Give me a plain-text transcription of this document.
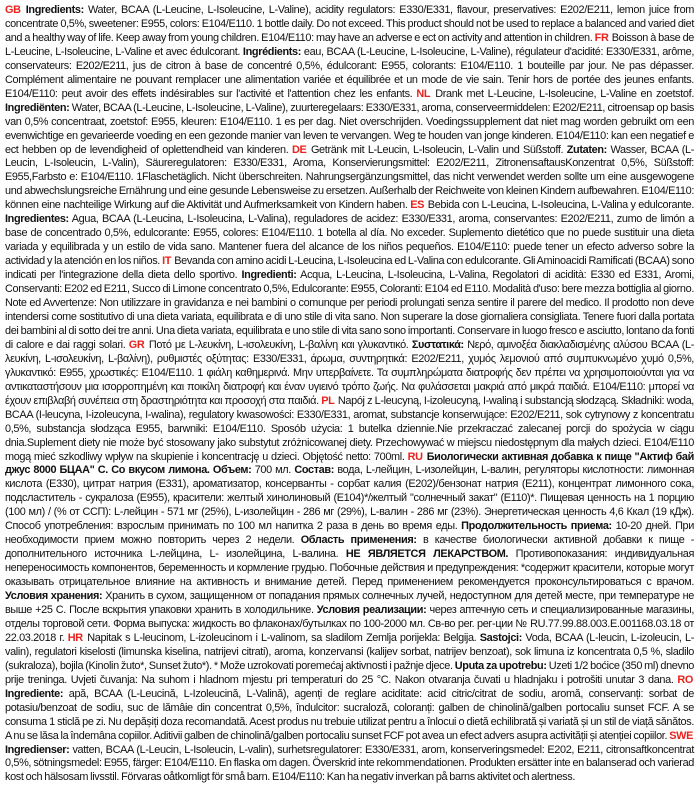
GB Ingredients: Water, BCAA (L-Leucine, L-Isoleucine, L-Valine), acidity regulators: E330/E331, flavour, preservatives: E202/E211, lemon juice from concentrate 0,5%, sweetener: E955, colors: E104/E110. 1 bottle daily. Do not exceed. This product should not be used to replace a balanced and varied diet and a healthy way of life. Keep away from young children. E104/E110: may have an adverse e ect on activity and attention in children. FR Boisson à base de L-Leucine, L-Isoleucine, L-Valine et avec édulcorant. Ingrédients: eau, BCAA (L-Leucine, L-Isoleucine, L-Valine), régulateur d'acidité: E330/E331, arôme, conservateurs: E202/E211, jus de citron à base de concentré 0,5%, édulcorant: E955, colorants: E104/E110. 1 bouteille par jour. Ne pas dépasser. Complément alimentaire ne pouvant remplacer une alimentation variée et équilibrée et un mode de vie sain. Tenir hors de portée des jeunes enfants. E104/E110: peut avoir des effets indésirables sur l'activité et l'attention chez les enfants. NL Drank met L-Leucine, L-Isoleucine, L-Valine en zoetstof. Ingrediënten: Water, BCAA (L-Leucine, L-Isoleucine, L-Valine), zuurteregelaars: E330/E331, aroma, conserveermiddelen: E202/E211, citroensap op basis van 0,5% concentraat, zoetstof: E955, kleuren: E104/E110. 1 es per dag. Niet overschrijden. Voedingssupplement dat niet mag worden gebruikt om een evenwichtige en gevarieerde voeding en een gezonde manier van leven te vervangen. Weg te houden van jonge kinderen. E104/E110: kan een negatief e ect hebben op de levendigheid of oplettendheid van kinderen. DE Getränk mit L-Leucin, L-Isoleucin, L-Valin und Süßstoff. Zutaten: Wasser, BCAA (L-Leucin, L-Isoleucin, L-Valin), Säureregulatoren: E330/E331, Aroma, Konservierungsmittel: E202/E211, ZitronensaftausKonzentrat 0,5%, Süßstoff: E955,Farbsto e: E104/E110. 1Flaschetäglich. Nicht überschreiten. Nahrungsergänzungsmittel, das nicht verwendet werden sollte um eine ausgewogene und abwechslungsreiche Ernährung und eine gesunde Lebensweise zu ersetzen. Außerhalb der Reichweite von kleinen Kindern aufbewahren. E104/E110: können eine nachteilige Wirkung auf die Aktivität und Aufmerksamkeit von Kindern haben. ES Bebida con L-Leucina, L-Isoleucina, L-Valina y edulcorante. Ingredientes: Agua, BCAA (L-Leucina, L-Isoleucina, L-Valina), reguladores de acidez: E330/E331, aroma, conservantes: E202/E211, zumo de limón a base de concentrado 0,5%, edulcorante: E955, colores: E104/E110. 1 botella al día. No exceder. Suplemento dietético que no puede sustituir una dieta variada y equilibrada y un estilo de vida sano. Mantener fuera del alcance de los niños pequeños. E104/E110: puede tener un efecto adverso sobre la actividad y la atención en los niños. IT Bevanda con amino acidi L-Leucina, L-Isoleucina ed L-Valina con edulcorante. Gli Aminoacidi Ramificati (BCAA) sono indicati per l'integrazione della dieta dello sportivo. Ingredienti: Acqua, L-Leucina, L-Isoleucina, L-Valina, Regolatori di acidità: E330 ed E331, Aromi, Conservanti: E202 ed E211, Succo di Limone concentrato 0,5%, Edulcorante: E955, Coloranti: E104 ed E110. Modalità d'uso: bere mezza bottiglia al giorno. Note ed Avvertenze: Non utilizzare in gravidanza e nei bambini o comunque per periodi prolungati senza sentire il parere del medico. Il prodotto non deve intendersi come sostitutivo di una dieta variata, equilibrata e di uno stile di vita sano. Non superare la dose giornaliera consigliata. Tenere fuori dalla portata dei bambini al di sotto dei tre anni. Una dieta variata, equilibrata e uno stile di vita sano sono importanti. Conservare in luogo fresco e asciutto, lontano da fonti di calore e dai raggi solari. GR Ποτό με L-λευκίνη, L-ισολευκίνη, L-βαλίνη και γλυκαντικό. Συστατικά: Νερό, αμινοξέα διακλαδισμένης αλύσου BCAA (L-λευκίνη, L-ισολευκίνη, L-βαλίνη), ρυθμιστές οξύτητας: E330/E331, άρωμα, συντηρητικά: E202/E211, χυμός λεμονιού από συμπυκνωμένο χυμό 0,5%, γλυκαντικό: E955, χρωστικές: E104/E110. 1 φιάλη καθημερινά. Μην υπερβαίνετε. Τα συμπληρώματα διατροφής δεν πρέπει να χρησιμοποιούνται για να αντικαταστήσουν μια ισορροπημένη και ποικίλη διατροφή και έναν υγιεινό τρόπο ζωής. Να φυλάσσεται μακριά από μικρά παιδιά. E104/E110: μπορεί να έχουν επιβλαβή συνέπεια στη δραστηριότητα και προσοχή στα παιδιά. PL Napój z L-leucyną, I-izoleucyną, I-waliną i substancją słodzącą. Składniki: woda, BCAA (I-leucyna, I-izoleucyna, I-walina), regulatory kwasowości: E330/E331, aromat, substancje konserwujące: E202/E211, sok cytrynowy z koncentratu 0,5%, substancja słodząca E955, barwniki: E104/E110. Sposób użycia: 1 butelka dziennie.Nie przekraczać zalecanej porcji do spożycia w ciągu dnia.Suplement diety nie może być stosowany jako substytut zróżnicowanej diety. Przechowywać w miejscu niedostępnym dla małych dzieci. E104/E110 mogą mieć szkodliwy wpływ na skupienie i koncentrację u dzieci. Objętość netto: 700ml. RU Биологически активная добавка к пище "Актиф бай джус 8000 БЦАА" С. Со вкусом лимона. Объем: 700 мл. Состав: вода, L-лейцин, L-изолейцин, L-валин, регуляторы кислотности: лимонная кислота (E330), цитрат натрия (E331), ароматизатор, консерванты - сорбат калия (E202)/бензонат натрия (E211), концентрат лимонного сока, подсластитель - сукралоза (E955), красители: желтый хинолиновый (E104)*/желтый "солнечный закат" (E110)*. Пищевая ценность на 1 порцию (100 мл) / (% от ССП): L-лейцин - 571 мг (25%), L-изолейцин - 286 мг (29%), L-валин - 286 мг (23%). Энергетическая ценность 4,6 Ккал (19 кДж). Способ употребления: взрослым принимать по 100 мл напитка 2 раза в день во время еды. Продолжительность приема: 10-20 дней. При необходимости прием можно повторить через 2 недели. Область применения: в качестве биологически активной добавки к пище - дополнительного источника L-лейцина, L- изолейцина, L-валина. НЕ ЯВЛЯЕТСЯ ЛЕКАРСТВОМ. Противопоказания: индивидуальная непереносимость компонентов, беременность и кормление грудью. Побочные действия и предупреждения: *содержит красители, которые могут оказывать отрицательное влияние на активность и внимание детей. Перед применением рекомендуется проконсультироваться с врачом. Условия хранения: Хранить в сухом, защищенном от попадания прямых солнечных лучей, недоступном для детей месте, при температуре не выше +25 С. После вскрытия упаковки хранить в холодильнике. Условия реализации: через аптечную сеть и специализированные магазины, отделы торговой сети. Форма выпуска: жидкость во флаконах/бутылках по 100-2000 мл. Св-во рег. рег-ции № RU.77.99.88.003.E.001168.03.18 от 22.03.2018 г. HR Napitak s L-leucinom, L-izoleucinom i L-valinom, sa sladilom Zemlja porijekla: Belgija. Sastojci: Voda, BCAA (L-leucin, L-izoleucin, L-valin), regulatori kiselosti (limunska kiselina, natrijevi citrati), aroma, konzervansi (kalijev sorbat, natrijev benzoat), sok limuna iz koncentrata 0,5 %, sladilo (sukraloza), bojila (Kinolin žuto*, Sunset žuto*). * Može uzrokovati poremećaj aktivnosti i pažnje djece. Uputa za upotrebu: Uzeti 1/2 boćice (350 ml) dnevno prije treninga. Uvjeti čuvanja: Na suhom i hladnom mjestu pri temperaturi do 25 °C. Nakon otvaranja čuvati u hladnjaku i potrošiti unutar 3 dana. RO Ingrediente: apă, BCAA (L-Leucină, L-Izoleucină, L-Valină), agenți de reglare aciditate: acid citric/citrat de sodiu, aromă, conservanți: sorbat de potasiu/benzoat de sodiu, suc de lămâie din concentrat 0,5%, îndulcitor: sucraloză, coloranți: galben de chinolină/galben portocaliu sunset FCF. A se consuma 1 sticlă pe zi. Nu depășiți doza recomandată. Acest produs nu trebuie utilizat pentru a înlocui o dietă echilibrată și variată și un stil de viață sănătos. A nu se lăsa la îndemâna copiilor. Aditivii galben de chinolină/galben portocaliu sunset FCF pot avea un efect advers asupra activității și atenției copiilor. SWE Ingredienser: vatten, BCAA (L-Leucin, L-Isoleucin, L-valin), surhetsregulatorer: E330/E331, arom, konserveringsmedel: E202, E211, citronsaftkoncentrat 0,5%, sötningsmedel: E955, färger: E104/E110. En flaska om dagen. Överskrid inte rekommendationen. Produkten ersätter inte en balanserad och varierad kost och hälsosam livsstil. Förvaras oåtkomligt för små barn. E104/E110: Kan ha negativ inverkan på barns aktivitet och alertness.
